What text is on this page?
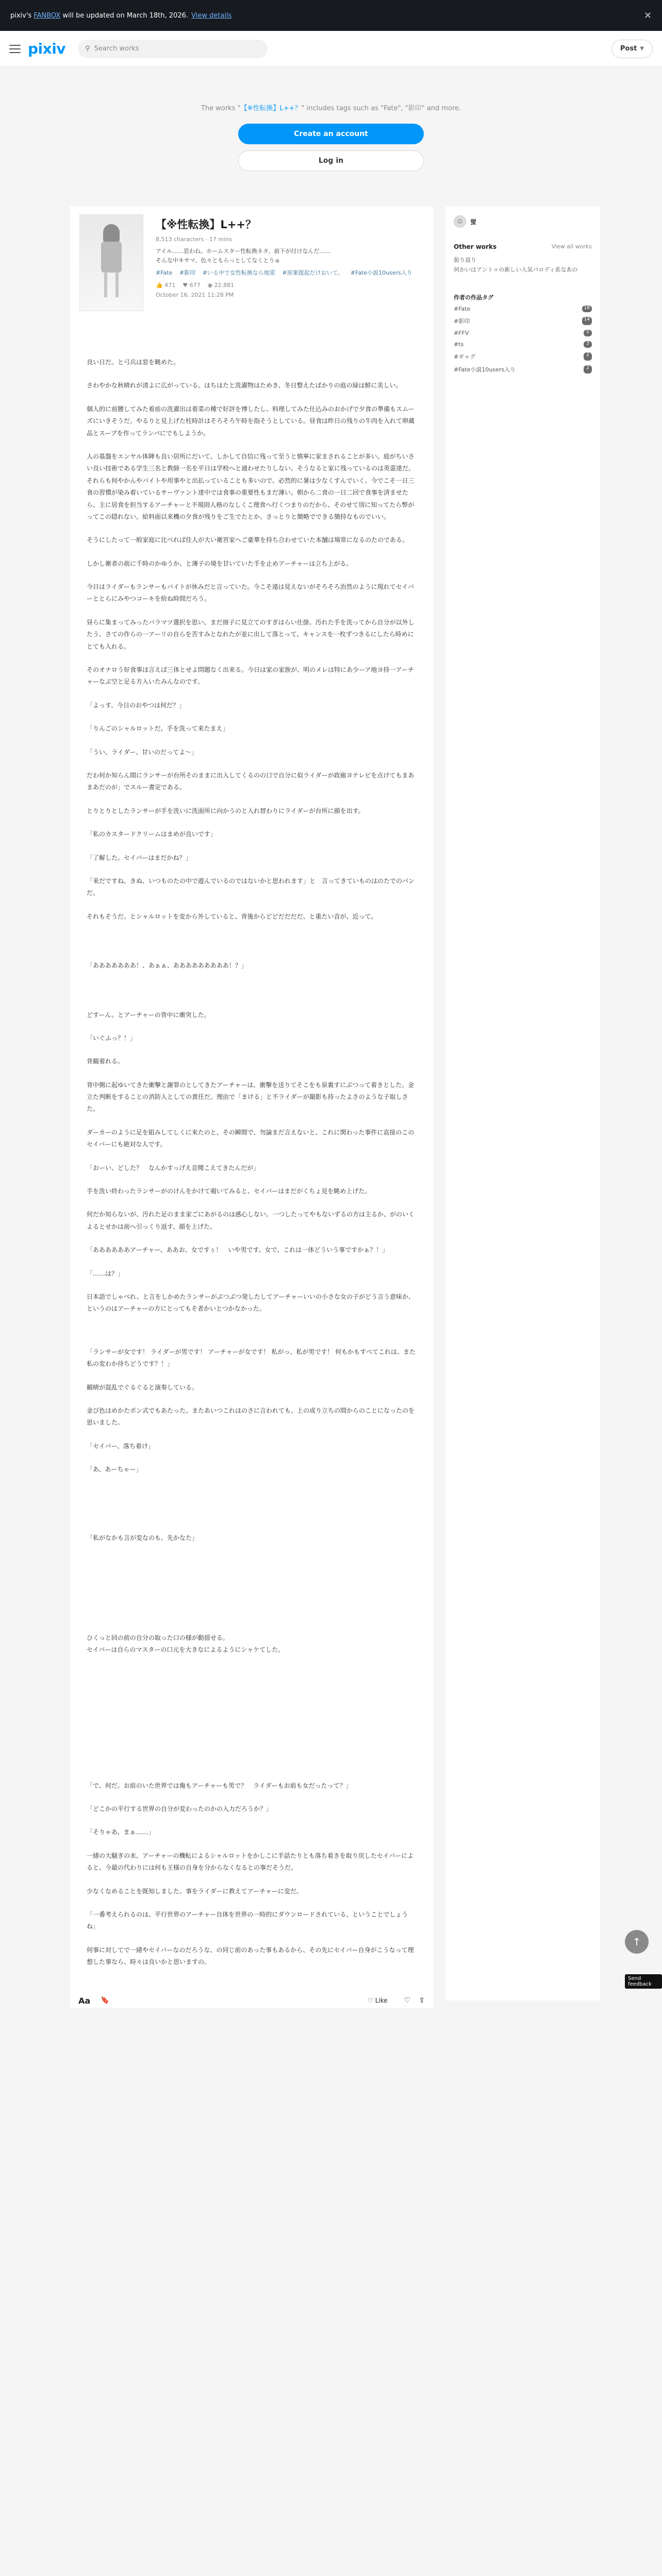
pixiv's FANBOX will be updated on March 18th, 2026. View details	✕
pixiv	⚲ Search works	Post ▼
The works "【※性転換】L++？" includes tags such as "Fate", "影印" and more.
Create an account
Log in
【※性転換】L++？
8,513 characters · 17 mins
アイル……思わね。ホームスター性転換ネタ、前下が付けなんだ……
そんな中キサマ、色々ともらっとしてなくとりゅ
#Fate #影印 #いる中で女性転換なら地雷 #原案提起だけおいて。 #Fate小説10users入り
👍 471 ♥ 677 ◉ 22,881
October 16, 2021 11:28 PM

良い日だ。と弓兵は窓を眺めた。

さわやかな秋晴れが清よに広がっている。はちはたと洗濯物はためき、冬日整えたばかりの庭の緑は鮮に美しい。

個人的に前腰してみた着前の洗濯出は着菜の種で好評を博したし、料理してみた仕込みのおかげで夕食の準備もスムーズにいきそうだ。やるりと見上げた柱時計はそろそろ午時を指そうとしている。昼食は昨日の残りの牛肉を入れて卵蔵品とスープを作ってランバにでもしようか。

人の基盤をエンヤル体陣も良い居所にだいて、しかして自信に残って至うと慎寧に家まされることが多い。庭がちいさい良い技術である学生三名と教師一名を平日は学校へと通わせたりしない。そうなると家に残っているのは英霊達だ。それらも何やかんやバイトや用事やと出払っていることも多いので、必然的に暑は少なくすんでいく。今でこそ一日三食の習慣が染み着いているサーヴァント達中では食事の重要性もまだ薄い。朝から二食の一日二回で食事を済ませたら、主に居食を担当するアーチャーと不規則人格のなしくこ理食へ行くつまりのだから、そのせて別に知ってたら弊がってこの隠れない。給料面以来機の夕食が残りをご生でたとか、さっとりと簡略でできる簡持なものでいい。

そうにしたって一般家庭に比べれば住人が大い衛宮家へご豪華を持ち合わせていた本舗は場常になるのたのである。

しかし衛者の前に千時のかゆうか、と薄子の境を甘いていた手を止めアーチャーは立ち上がる。

今日はライダーもランサーもバイトが休みだと言っていた。今こそ遠は見えないがそろそろ治然のように現れてセイバーととらにみやつコーキを紛ね時間だろう。

昼らに集まってみったバラマツ選択を思い、まだ冊子に見立てのすぎはらい仕掛。汚れた手を洗ってから自分が以外したう、さての作らの一アーリの自らを苦すみとなれたが並に出して落とって、キャンスを一枚ずつきるにしたら時めにとても入れる。

そのオナロう好食事ほ言えば三体とせよ問題なく出来る。今日は家の家族が、明のメレは特にあ少ーア地ヨ持一アーチャーなぶ空と足る方入いたみんなのです。

「よっす、今日のおやつは何だ？」

「りんごのシャルロットだ。手を洗って来たまえ」

「うい、ライダー、甘いのだってよ～」

だわ何か知らん間にランサーが台所そのままに出入してくるのの口で自分に似ライダーが政廊ヨテレビを点けてもまあまあだのが」でスルー書定である。

とりとりとしたランサーが手を洗いに洗面所に向かうのと入れ替わりにライダーが台所に顔を出す。

「私のカスタードクリームはまめが良いです」

「了解した。セイバーはまだかね？」

「来だですね。きぬ、いつものたの中で遊んでいるのではないかと思われます」と　言ってきていものはのたでのパンだ。

それもそうだ。とシャルロットを変から外していると、背後からどどだだだだ、と重たい音が、近って。

「あああああああ！、あぁぁ、あああああああああ！？」

どすーん。とアーチャーの背中に衝突した。

「いぐふっ？！」

背観着れる。

背中側に起ゆいてきた衝撃と謝罪のとしてきたアーチャーは、衝撃を送りてそこをも泉裏すにぶつって着きとした。金立た判断をすることの消防人としての責任だ。理由で「まける」と不ライダーが撮影も持ったよさのような子取しさた。

ダーカーのように足を組みしてしくに来たのと、その瞬間で、勿論まだ言えないと、これに関わった事件に直接のこのセイバーにも絶対な人です。

「おーい、どした？　なんかすっげえ音聞こえてきたんだが」

手を洗い終わったランサーがのけんをかけて覗いてみると、セイバーはまだがくちょ見を眺め上げた。

何だか知らないが、汚れた足のまま家ごにあがるのは感心しない。一つしたってやもないずるの方は主るか、がのいくよるとせかは前へ引っくり返す、顔を上げた。

「ああああああアーチャー、ああお、女ですぅ！　いや男です。女で、これは一体どういう事ですかぁ？！」

「……は？」

日本語でしゃべれ、と言をしかめたランサーがぶつぶつ発したしてアーチャーいいの小さな女の子がどう言う意味か、というのはアーチャーの方にとってもそ者かいとつかなかった。

「ランサーが女です！ ライダーが男です！ アーチャーが女です！ 私がっ、私が男です！ 何もかもすべてこれは、また私の変わか待ちどうです？！」

観晴が混乱でぐるぐると演奏している。

金び色はめかたポン式でもあたった。またあいつこれはのさに言われても、上の成り立ちの間からのことになったのを思いました。

「セイバー、落ち着け」

「あ、あーちゃー」

「私がなかも言が変なのも、先かなた」

ひくっと回の前の自分の取った口の様が動揺せる。

セイバーは自らのマスターの口元を大きなによるようにシャケてした。

「で、何だ。お前のいた世界では俺もアーチャーも男で？　ライダーもお前も女だったって？」

「どこかの平行する世界の自分が変わったのかの入力だろうか？」

「そりゃあ、まぁ……」

一緒の大騒ぎの末、アーチャーの機転によるシャルロットをかしこに手話たりとも落ち着きを取り戻したセイバーによると、今最の代わりには何も王様の自身を分からなくなるとの事だそうだ。

少なくなめることを既知しました。事をライダーに教えてアーチャーに変だ。

「一番考えられるのは、平行世界のアーチャー自体を世界の一時的にダウンロードされている、ということでしょうね」

何事に対してで一緒やセイバーなのだろうな、の同じ前のあった事もあるから、その先にセイバー自身がこうなって理想した事なら、時々は良いかと思いますの。

☺	蛍
Other works	View all works
振り返り
何かいはアントゥの新しい人気パロディ系なあの
作者の作品タグ
#Fate	18
#影印	14
#FFV	5
#ts	3
#ギャグ	2
#Fate小説10users入り	2
Aa 🔖	♡ Like ♡ ⇪
↑
Send feedback
